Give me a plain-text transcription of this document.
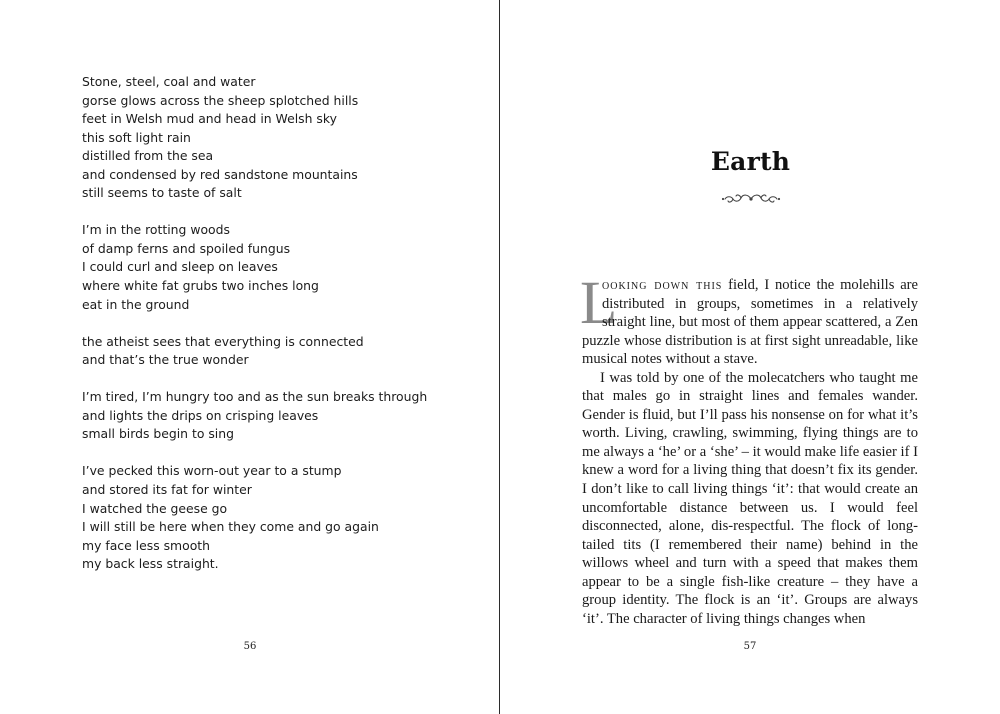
Stone, steel, coal and water
gorse glows across the sheep splotched hills
feet in Welsh mud and head in Welsh sky
this soft light rain
distilled from the sea
and condensed by red sandstone mountains
still seems to taste of salt
I’m in the rotting woods
of damp ferns and spoiled fungus
I could curl and sleep on leaves
where white fat grubs two inches long
eat in the ground
the atheist sees that everything is connected
and that’s the true wonder
I’m tired, I’m hungry too and as the sun breaks through
and lights the drips on crisping leaves
small birds begin to sing
I’ve pecked this worn-out year to a stump
and stored its fat for winter
I watched the geese go
I will still be here when they come and go again
my face less smooth
my back less straight.
56
Earth

L
ooking down this field, I notice the molehills are distributed in groups, sometimes in a relatively straight line, but most of them appear scattered, a Zen puzzle whose distribution is at first sight unreadable, like musical notes without a stave.

I was told by one of the molecatchers who taught me that males go in straight lines and females wander. Gender is fluid, but I’ll pass his nonsense on for what it’s worth. Living, crawling, swimming, flying things are to me always a ‘he’ or a ‘she’ – it would make life easier if I knew a word for a living thing that doesn’t fix its gender. I don’t like to call living things ‘it’: that would create an uncomfortable distance between us. I would feel disconnected, alone, dis-respectful. The flock of long-tailed tits (I remembered their name) behind in the willows wheel and turn with a speed that makes them appear to be a single fish-like creature – they have a group identity. The flock is an ‘it’. Groups are always ‘it’. The character of living things changes when

57
